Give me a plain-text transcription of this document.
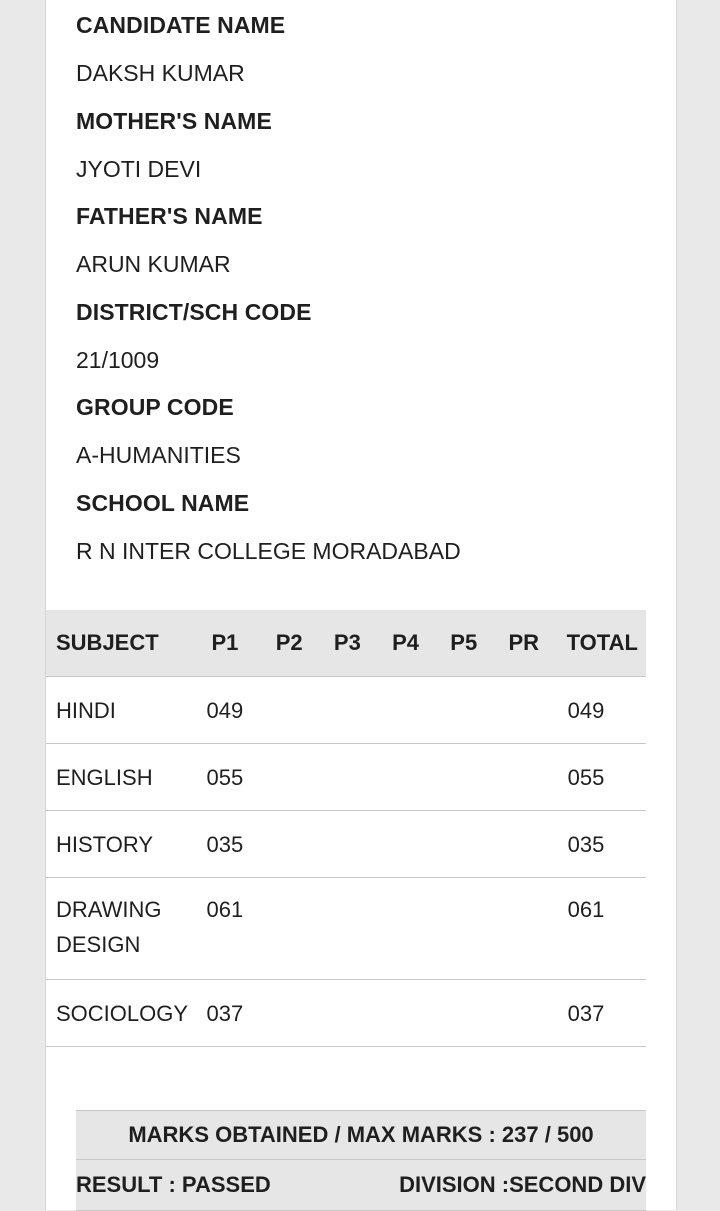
CANDIDATE NAME
DAKSH KUMAR
MOTHER'S NAME
JYOTI DEVI
FATHER'S NAME
ARUN KUMAR
DISTRICT/SCH CODE
21/1009
GROUP CODE
A-HUMANITIES
SCHOOL NAME
R N INTER COLLEGE MORADABAD
SUBJECT	P1	P2	P3	P4	P5	PR	TOTAL

HINDI	049						049

ENGLISH	055						055

HISTORY	035						035

DRAWING DESIGN	061						061

SOCIOLOGY	037						037
MARKS OBTAINED / MAX MARKS : 237 / 500
RESULT : PASSED	DIVISION :SECOND DIV
